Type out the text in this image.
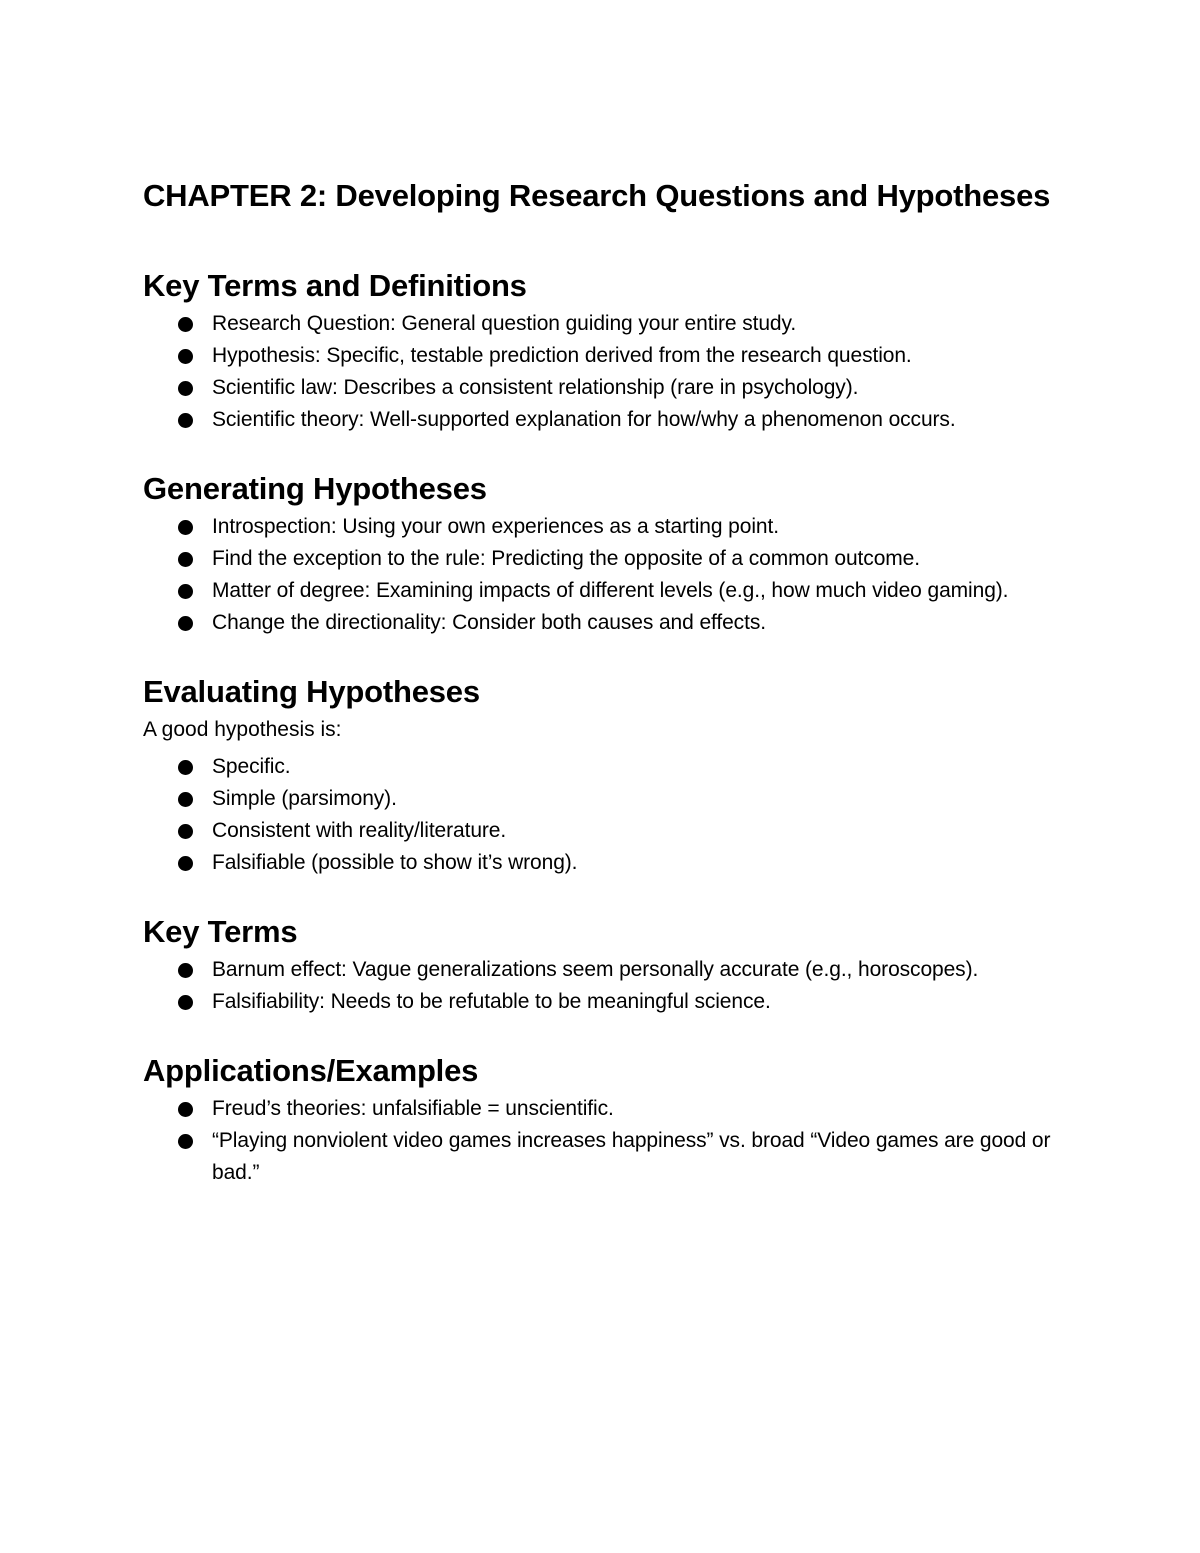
CHAPTER 2: Developing Research Questions and Hypotheses
Key Terms and Definitions
Research Question: General question guiding your entire study.
Hypothesis: Specific, testable prediction derived from the research question.
Scientific law: Describes a consistent relationship (rare in psychology).
Scientific theory: Well-supported explanation for how/why a phenomenon occurs.
Generating Hypotheses
Introspection: Using your own experiences as a starting point.
Find the exception to the rule: Predicting the opposite of a common outcome.
Matter of degree: Examining impacts of different levels (e.g., how much video gaming).
Change the directionality: Consider both causes and effects.
Evaluating Hypotheses

A good hypothesis is:

Specific.
Simple (parsimony).
Consistent with reality/literature.
Falsifiable (possible to show it’s wrong).
Key Terms
Barnum effect: Vague generalizations seem personally accurate (e.g., horoscopes).
Falsifiability: Needs to be refutable to be meaningful science.
Applications/Examples
Freud’s theories: unfalsifiable = unscientific.
“Playing nonviolent video games increases happiness” vs. broad “Video games are good or bad.”
